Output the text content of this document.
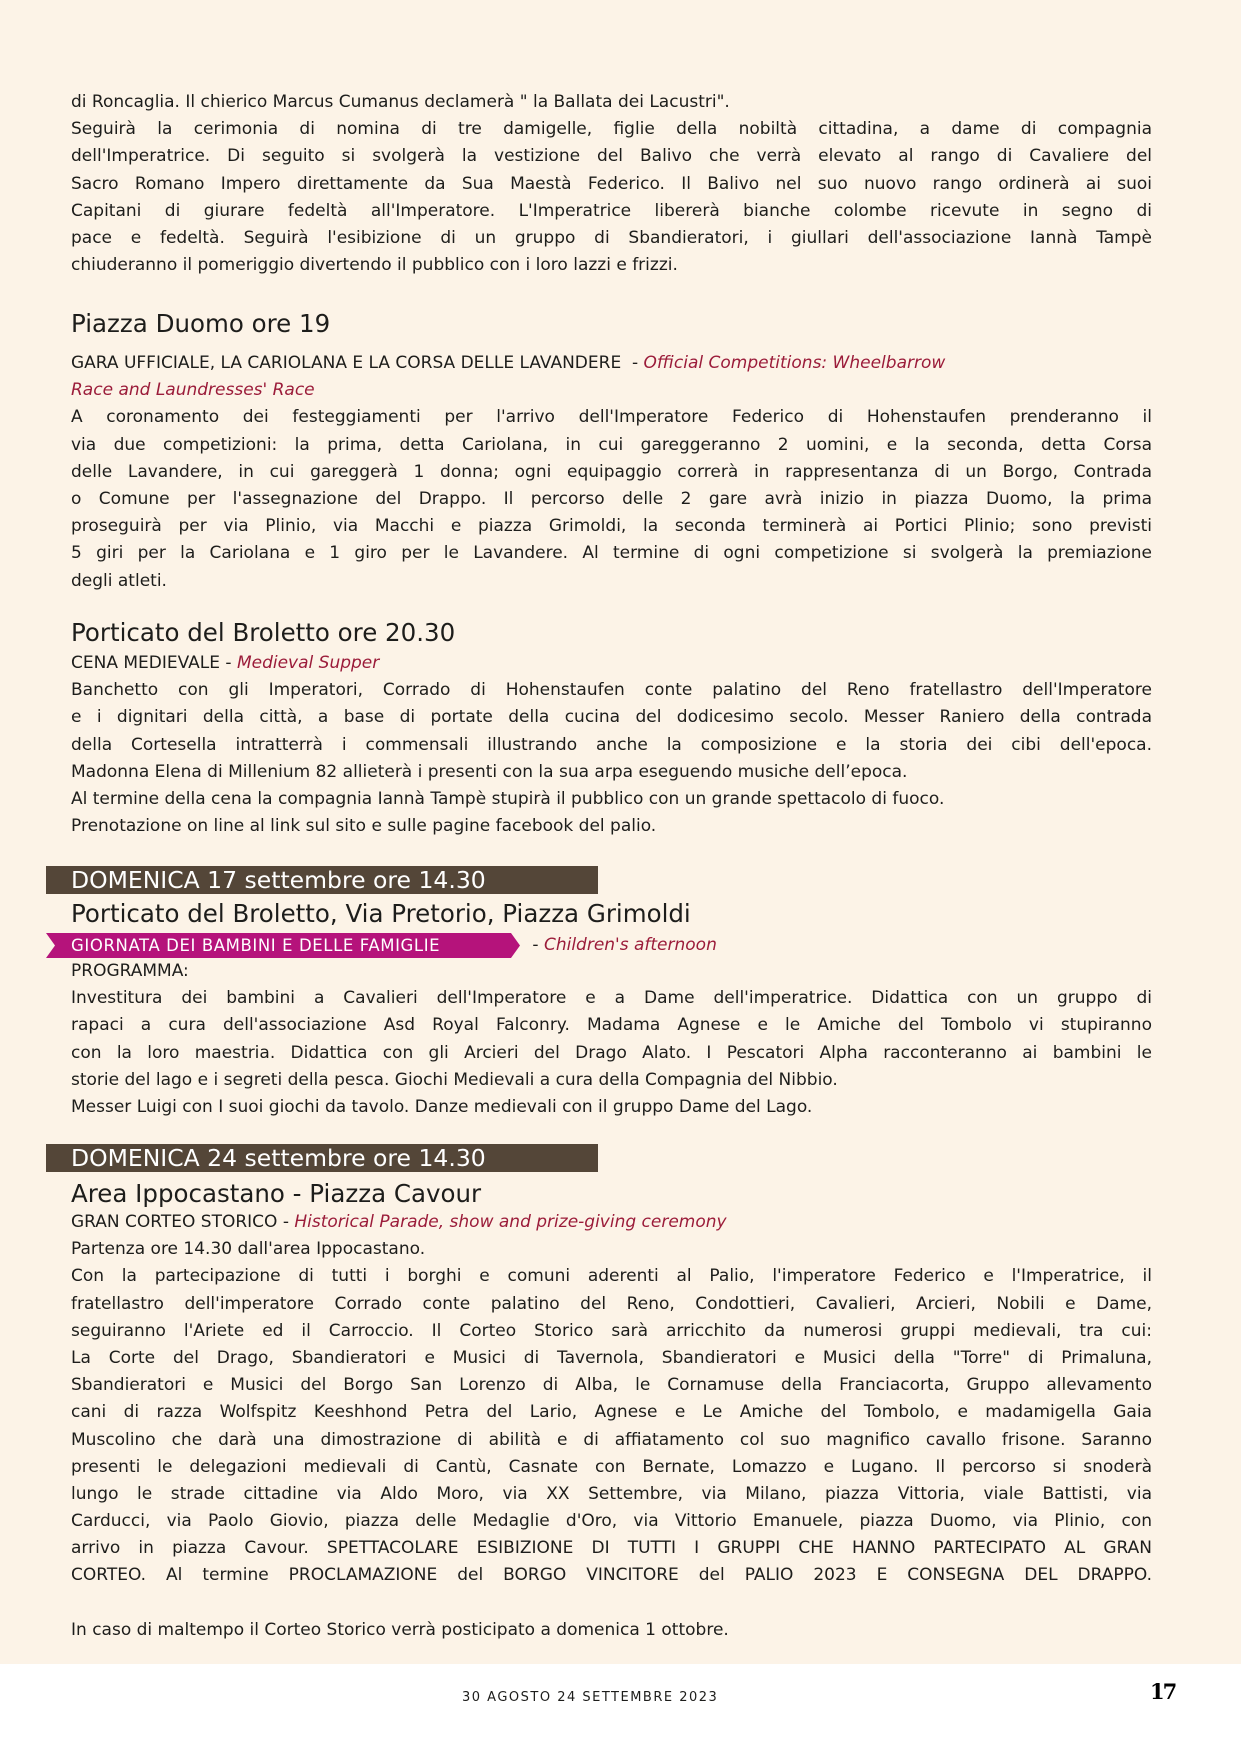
di Roncaglia. Il chierico Marcus Cumanus declamerà " la Ballata dei Lacustri".
Seguirà la cerimonia di nomina di tre damigelle, figlie della nobiltà cittadina, a dame di compagnia
dell'Imperatrice. Di seguito si svolgerà la vestizione del Balivo che verrà elevato al rango di Cavaliere del
Sacro Romano Impero direttamente da Sua Maestà Federico. Il Balivo nel suo nuovo rango ordinerà ai suoi
Capitani di giurare fedeltà all'Imperatore. L'Imperatrice libererà bianche colombe ricevute in segno di
pace e fedeltà. Seguirà l'esibizione di un gruppo di Sbandieratori, i giullari dell'associazione Iannà Tampè
chiuderanno il pomeriggio divertendo il pubblico con i loro lazzi e frizzi.
Piazza Duomo ore 19
GARA UFFICIALE, LA CARIOLANA E LA CORSA DELLE LAVANDERE  - Official Competitions: Wheelbarrow
Race and Laundresses' Race
A coronamento dei festeggiamenti per l'arrivo dell'Imperatore Federico di Hohenstaufen prenderanno il
via due competizioni: la prima, detta Cariolana, in cui gareggeranno 2 uomini, e la seconda, detta Corsa
delle Lavandere, in cui gareggerà 1 donna; ogni equipaggio correrà in rappresentanza di un Borgo, Contrada
o Comune per l'assegnazione del Drappo. Il percorso delle 2 gare avrà inizio in piazza Duomo, la prima
proseguirà per via Plinio, via Macchi e piazza Grimoldi, la seconda terminerà ai Portici Plinio; sono previsti
5 giri per la Cariolana e 1 giro per le Lavandere. Al termine di ogni competizione si svolgerà la premiazione
degli atleti.
Porticato del Broletto ore 20.30
CENA MEDIEVALE - Medieval Supper
Banchetto con gli Imperatori, Corrado di Hohenstaufen conte palatino del Reno fratellastro dell'Imperatore
e i dignitari della città, a base di portate della cucina del dodicesimo secolo. Messer Raniero della contrada
della Cortesella intratterrà i commensali illustrando anche la composizione e la storia dei cibi dell'epoca.
Madonna Elena di Millenium 82 allieterà i presenti con la sua arpa eseguendo musiche dell’epoca.
Al termine della cena la compagnia Iannà Tampè stupirà il pubblico con un grande spettacolo di fuoco.
Prenotazione on line al link sul sito e sulle pagine facebook del palio.
DOMENICA 17 settembre ore 14.30
Porticato del Broletto, Via Pretorio, Piazza Grimoldi
GIORNATA DEI BAMBINI E DELLE FAMIGLIE	- Children's afternoon
PROGRAMMA:
Investitura dei bambini a Cavalieri dell'Imperatore e a Dame dell'imperatrice. Didattica con un gruppo di
rapaci a cura dell'associazione Asd Royal Falconry. Madama Agnese e le Amiche del Tombolo vi stupiranno
con la loro maestria. Didattica con gli Arcieri del Drago Alato. I Pescatori Alpha racconteranno ai bambini le
storie del lago e i segreti della pesca. Giochi Medievali a cura della Compagnia del Nibbio.
Messer Luigi con I suoi giochi da tavolo. Danze medievali con il gruppo Dame del Lago.
DOMENICA 24 settembre ore 14.30
Area Ippocastano - Piazza Cavour
GRAN CORTEO STORICO - Historical Parade, show and prize-giving ceremony
Partenza ore 14.30 dall'area Ippocastano.
Con la partecipazione di tutti i borghi e comuni aderenti al Palio, l'imperatore Federico e l'Imperatrice, il
fratellastro dell'imperatore Corrado conte palatino del Reno, Condottieri, Cavalieri, Arcieri, Nobili e Dame,
seguiranno l'Ariete ed il Carroccio. Il Corteo Storico sarà arricchito da numerosi gruppi medievali, tra cui:
La Corte del Drago, Sbandieratori e Musici di Tavernola, Sbandieratori e Musici della "Torre" di Primaluna,
Sbandieratori e Musici del Borgo San Lorenzo di Alba, le Cornamuse della Franciacorta, Gruppo allevamento
cani di razza Wolfspitz Keeshhond Petra del Lario, Agnese e Le Amiche del Tombolo, e madamigella Gaia
Muscolino che darà una dimostrazione di abilità e di affiatamento col suo magnifico cavallo frisone. Saranno
presenti le delegazioni medievali di Cantù, Casnate con Bernate, Lomazzo e Lugano. Il percorso si snoderà
lungo le strade cittadine via Aldo Moro, via XX Settembre, via Milano, piazza Vittoria, viale Battisti, via
Carducci, via Paolo Giovio, piazza delle Medaglie d'Oro, via Vittorio Emanuele, piazza Duomo, via Plinio, con
arrivo in piazza Cavour. SPETTACOLARE ESIBIZIONE DI TUTTI I GRUPPI CHE HANNO PARTECIPATO AL GRAN
CORTEO. Al termine PROCLAMAZIONE del BORGO VINCITORE del PALIO 2023 E CONSEGNA DEL DRAPPO.
In caso di maltempo il Corteo Storico verrà posticipato a domenica 1 ottobre.
30 AGOSTO 24 SETTEMBRE 2023	17
